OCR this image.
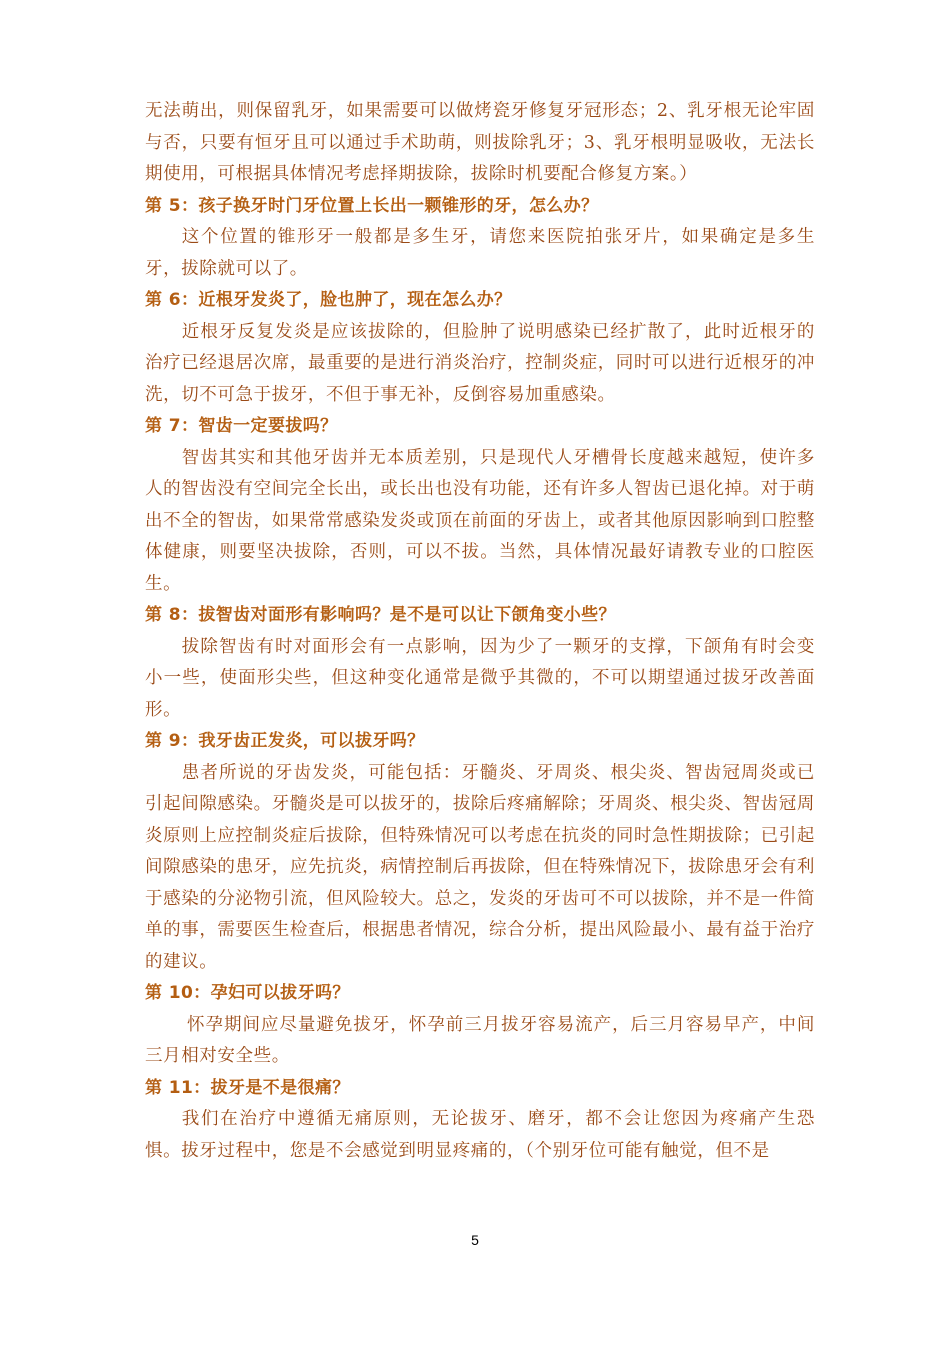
无法萌出，则保留乳牙，如果需要可以做烤瓷牙修复牙冠形态；2、乳牙根无论牢固与否，只要有恒牙且可以通过手术助萌，则拔除乳牙；3、乳牙根明显吸收，无法长期使用，可根据具体情况考虑择期拔除，拔除时机要配合修复方案。）

第 5：孩子换牙时门牙位置上长出一颗锥形的牙，怎么办？

这个位置的锥形牙一般都是多生牙，请您来医院拍张牙片，如果确定是多生牙，拔除就可以了。

第 6：近根牙发炎了，脸也肿了，现在怎么办？

近根牙反复发炎是应该拔除的，但脸肿了说明感染已经扩散了，此时近根牙的治疗已经退居次席，最重要的是进行消炎治疗，控制炎症，同时可以进行近根牙的冲洗，切不可急于拔牙，不但于事无补，反倒容易加重感染。

第 7：智齿一定要拔吗？

智齿其实和其他牙齿并无本质差别，只是现代人牙槽骨长度越来越短，使许多人的智齿没有空间完全长出，或长出也没有功能，还有许多人智齿已退化掉。对于萌出不全的智齿，如果常常感染发炎或顶在前面的牙齿上，或者其他原因影响到口腔整体健康，则要坚决拔除，否则，可以不拔。当然，具体情况最好请教专业的口腔医生。

第 8：拔智齿对面形有影响吗？是不是可以让下颌角变小些？

拔除智齿有时对面形会有一点影响，因为少了一颗牙的支撑，下颌角有时会变小一些，使面形尖些，但这种变化通常是微乎其微的，不可以期望通过拔牙改善面形。

第 9：我牙齿正发炎，可以拔牙吗？

患者所说的牙齿发炎，可能包括：牙髓炎、牙周炎、根尖炎、智齿冠周炎或已引起间隙感染。牙髓炎是可以拔牙的，拔除后疼痛解除；牙周炎、根尖炎、智齿冠周炎原则上应控制炎症后拔除，但特殊情况可以考虑在抗炎的同时急性期拔除；已引起间隙感染的患牙，应先抗炎，病情控制后再拔除，但在特殊情况下，拔除患牙会有利于感染的分泌物引流，但风险较大。总之，发炎的牙齿可不可以拔除，并不是一件简单的事，需要医生检查后，根据患者情况，综合分析，提出风险最小、最有益于治疗的建议。

第 10：孕妇可以拔牙吗？

怀孕期间应尽量避免拔牙，怀孕前三月拔牙容易流产，后三月容易早产，中间三月相对安全些。

第 11：拔牙是不是很痛？

我们在治疗中遵循无痛原则，无论拔牙、磨牙，都不会让您因为疼痛产生恐惧。拔牙过程中，您是不会感觉到明显疼痛的，（个别牙位可能有触觉，但不是

5
